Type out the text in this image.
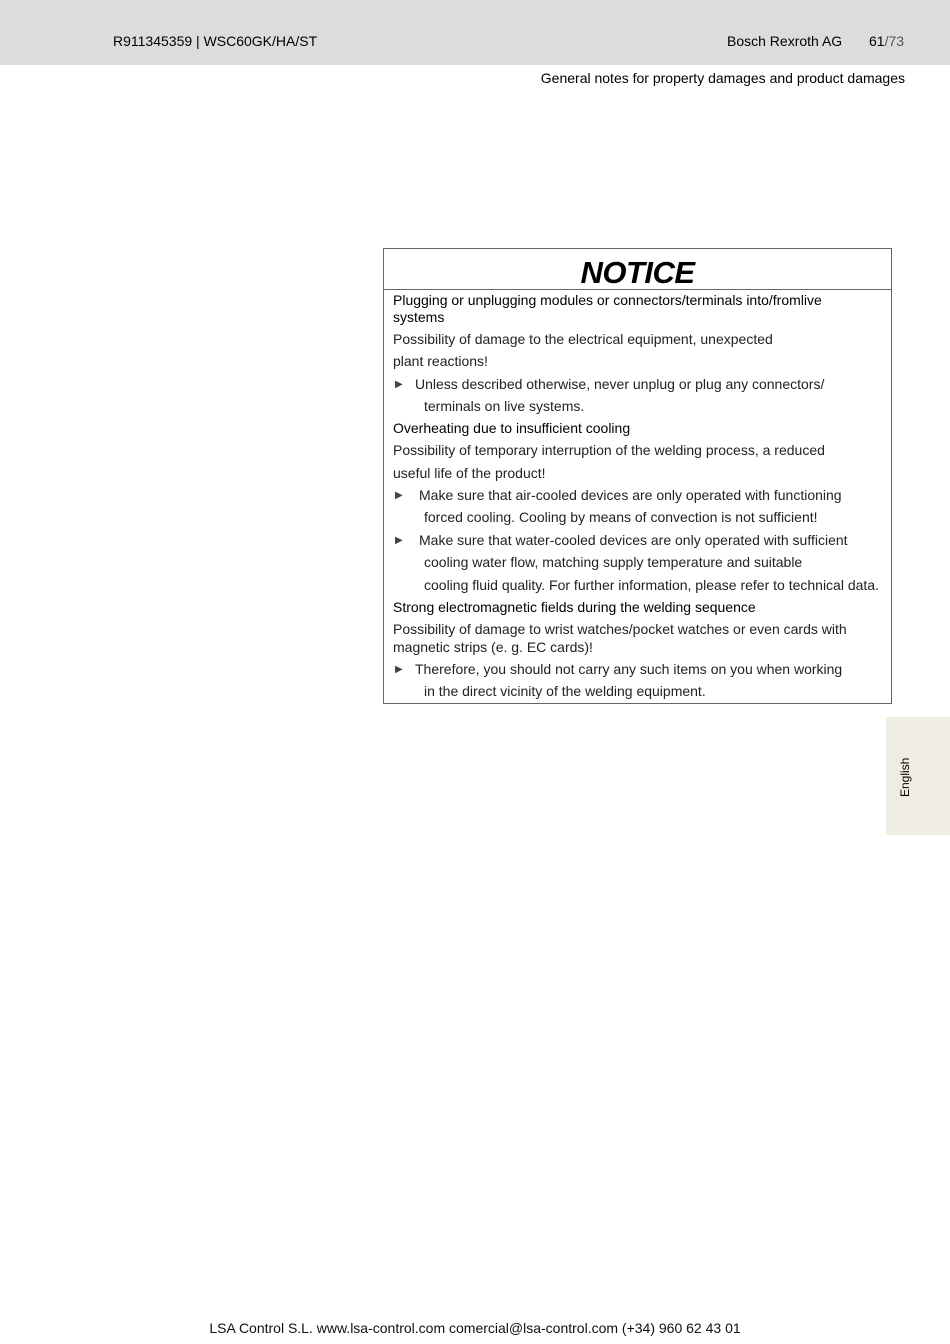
R911345359 | WSC60GK/HA/ST	Bosch Rexroth AG 61/73
General notes for property damages and product damages
NOTICE
Plugging or unplugging modules or connectors/terminals into/fromlive
systems
Possibility of damage to the electrical equipment, unexpected
plant reactions!
▶ Unless described otherwise, never unplug or plug any connectors/
terminals on live systems.
Overheating due to insufficient cooling
Possibility of temporary interruption of the welding process, a reduced
useful life of the product!
▶ Make sure that air-cooled devices are only operated with functioning
forced cooling. Cooling by means of convection is not sufficient!
▶ Make sure that water-cooled devices are only operated with sufficient
cooling water flow, matching supply temperature and suitable
cooling fluid quality. For further information, please refer to technical data.
Strong electromagnetic fields during the welding sequence
Possibility of damage to wrist watches/pocket watches or even cards with
magnetic strips (e. g. EC cards)!
▶ Therefore, you should not carry any such items on you when working
in the direct vicinity of the welding equipment.
English
LSA Control S.L. www.lsa-control.com comercial@lsa-control.com (+34) 960 62 43 01
